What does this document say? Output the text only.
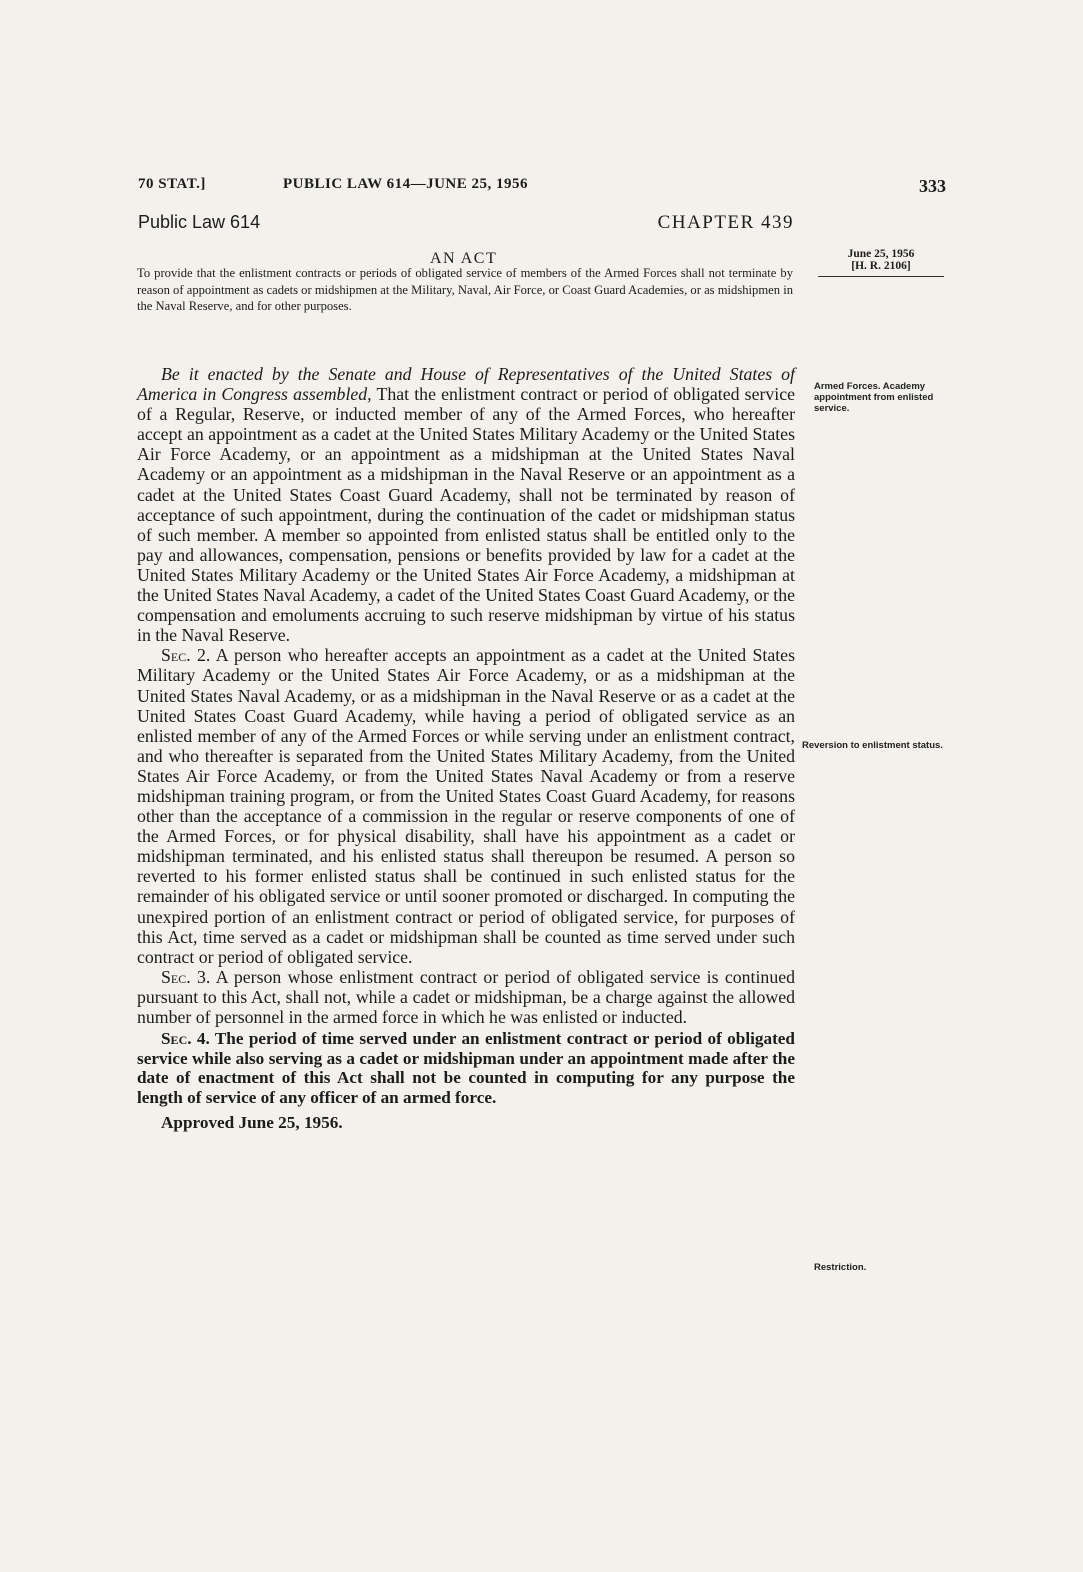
70 STAT.]	PUBLIC LAW 614—JUNE 25, 1956	333
Public Law 614	CHAPTER 439
AN ACT	June 25, 1956
[H. R. 2106]
To provide that the enlistment contracts or periods of obligated service of members of the Armed Forces shall not terminate by reason of appointment as cadets or midshipmen at the Military, Naval, Air Force, or Coast Guard Academies, or as midshipmen in the Naval Reserve, and for other purposes.
Armed Forces. Academy appointment from enlisted service.
Reversion to enlistment status.
Restriction.

Be it enacted by the Senate and House of Representatives of the United States of America in Congress assembled, That the enlistment contract or period of obligated service of a Regular, Reserve, or inducted member of any of the Armed Forces, who hereafter accept an appointment as a cadet at the United States Military Academy or the United States Air Force Academy, or an appointment as a midshipman at the United States Naval Academy or an appointment as a midshipman in the Naval Reserve or an appointment as a cadet at the United States Coast Guard Academy, shall not be terminated by reason of acceptance of such appointment, during the continuation of the cadet or midshipman status of such member. A member so appointed from enlisted status shall be entitled only to the pay and allowances, compensation, pensions or benefits provided by law for a cadet at the United States Military Academy or the United States Air Force Academy, a midshipman at the United States Naval Academy, a cadet of the United States Coast Guard Academy, or the compensation and emoluments accruing to such reserve midshipman by virtue of his status in the Naval Reserve.

Sec. 2. A person who hereafter accepts an appointment as a cadet at the United States Military Academy or the United States Air Force Academy, or as a midshipman at the United States Naval Academy, or as a midshipman in the Naval Reserve or as a cadet at the United States Coast Guard Academy, while having a period of obligated service as an enlisted member of any of the Armed Forces or while serving under an enlistment contract, and who thereafter is separated from the United States Military Academy, from the United States Air Force Academy, or from the United States Naval Academy or from a reserve midshipman training program, or from the United States Coast Guard Academy, for reasons other than the acceptance of a commission in the regular or reserve components of one of the Armed Forces, or for physical disability, shall have his appointment as a cadet or midshipman terminated, and his enlisted status shall thereupon be resumed. A person so reverted to his former enlisted status shall be continued in such enlisted status for the remainder of his obligated service or until sooner promoted or discharged. In computing the unexpired portion of an enlistment contract or period of obligated service, for purposes of this Act, time served as a cadet or midshipman shall be counted as time served under such contract or period of obligated service.

Sec. 3. A person whose enlistment contract or period of obligated service is continued pursuant to this Act, shall not, while a cadet or midshipman, be a charge against the allowed number of personnel in the armed force in which he was enlisted or inducted.

Sec. 4. The period of time served under an enlistment contract or period of obligated service while also serving as a cadet or midshipman under an appointment made after the date of enactment of this Act shall not be counted in computing for any purpose the length of service of any officer of an armed force.

Approved June 25, 1956.
